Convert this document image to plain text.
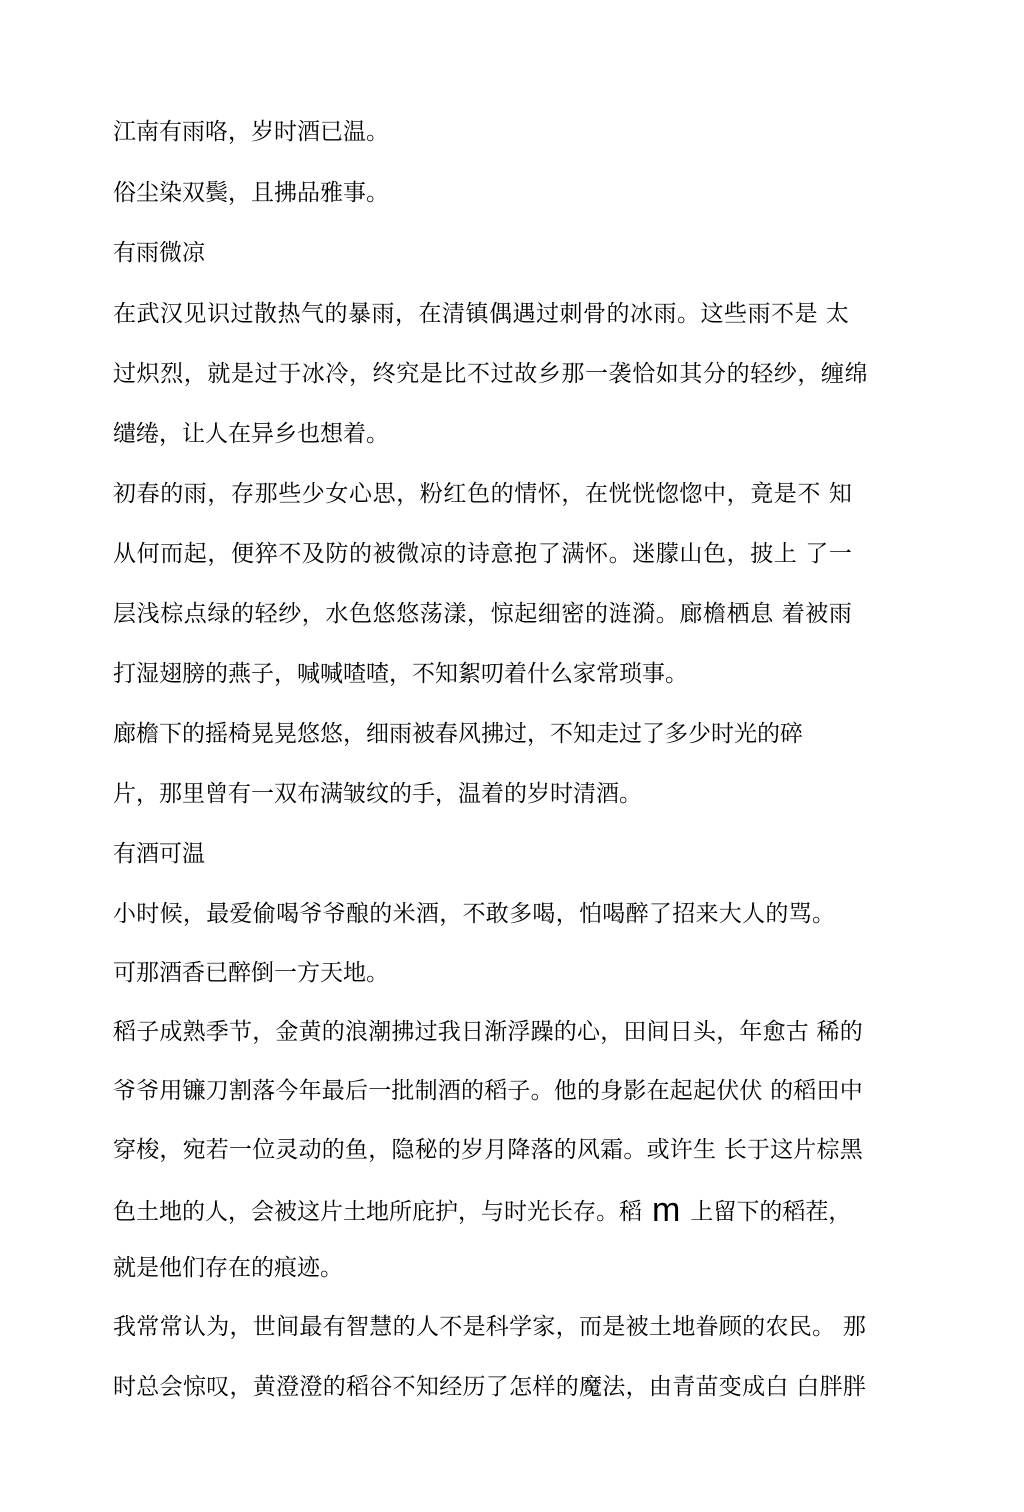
江南有雨咯，岁时酒已温。
俗尘染双鬓，且拂品雅事。
有雨微凉
在武汉见识过散热气的暴雨，在清镇偶遇过刺骨的冰雨。这些雨不是 太
过炽烈，就是过于冰冷，终究是比不过故乡那一袭恰如其分的轻纱，缠绵
缱绻，让人在异乡也想着。
初春的雨，存那些少女心思，粉红色的情怀，在恍恍惚惚中，竟是不 知
从何而起，便猝不及防的被微凉的诗意抱了满怀。迷朦山色，披上 了一
层浅棕点绿的轻纱，水色悠悠荡漾，惊起细密的涟漪。廊檐栖息 着被雨
打湿翅膀的燕子，喊喊喳喳，不知絮叨着什么家常琐事。
廊檐下的摇椅晃晃悠悠，细雨被春风拂过，不知走过了多少时光的碎
片，那里曾有一双布满皱纹的手，温着的岁时清酒。
有酒可温
小时候，最爱偷喝爷爷酿的米酒，不敢多喝，怕喝醉了招来大人的骂。
可那酒香已醉倒一方天地。
稻子成熟季节，金黄的浪潮拂过我日渐浮躁的心，田间日头，年愈古 稀的
爷爷用镰刀割落今年最后一批制酒的稻子。他的身影在起起伏伏 的稻田中
穿梭，宛若一位灵动的鱼，隐秘的岁月降落的风霜。或许生 长于这片棕黑
色土地的人，会被这片土地所庇护，与时光长存。稻 m 上留下的稻茬，
就是他们存在的痕迹。
我常常认为，世间最有智慧的人不是科学家，而是被土地眷顾的农民。 那
时总会惊叹，黄澄澄的稻谷不知经历了怎样的魔法，由青苗变成白 白胖胖
